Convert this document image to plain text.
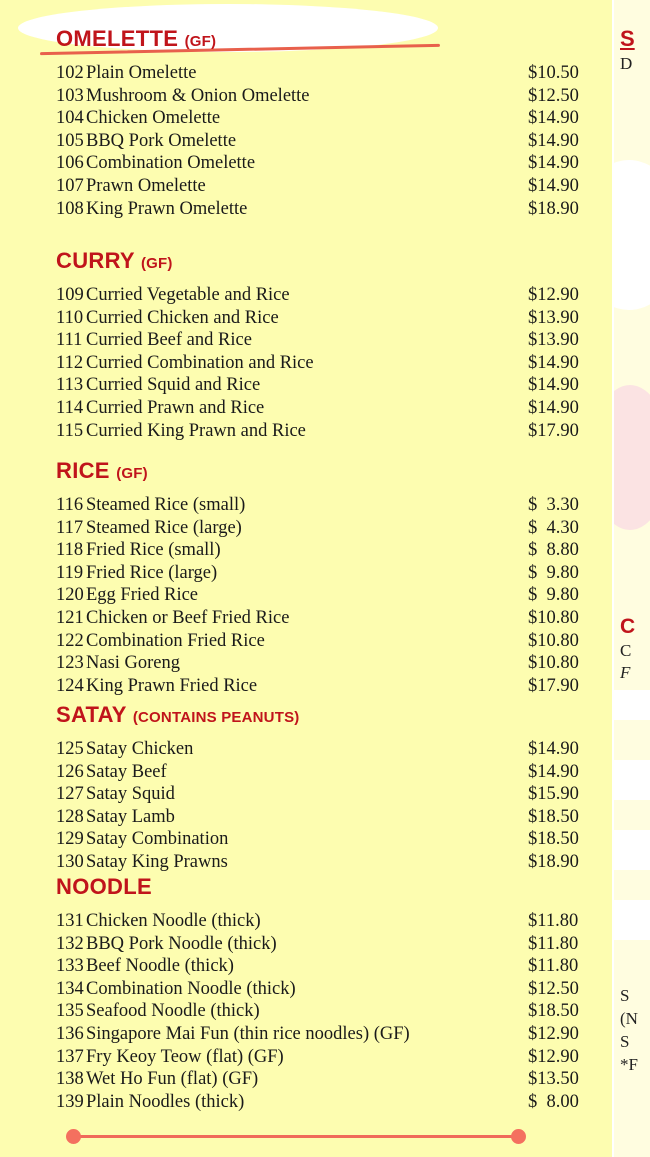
OMELETTE (GF)
102 Plain Omelette	$10.50
103 Mushroom & Onion Omelette	$12.50
104 Chicken Omelette	$14.90
105 BBQ Pork Omelette	$14.90
106 Combination Omelette	$14.90
107 Prawn Omelette	$14.90
108 King Prawn Omelette	$18.90
CURRY (GF)
109 Curried Vegetable and Rice	$12.90
110 Curried Chicken and Rice	$13.90
111 Curried Beef and Rice	$13.90
112 Curried Combination and Rice	$14.90
113 Curried Squid and Rice	$14.90
114 Curried Prawn and Rice	$14.90
115 Curried King Prawn and Rice	$17.90
RICE (GF)
116 Steamed Rice (small)	$  3.30
117 Steamed Rice (large)	$  4.30
118 Fried Rice (small)	$  8.80
119 Fried Rice (large)	$  9.80
120 Egg Fried Rice	$  9.80
121 Chicken or Beef Fried Rice	$10.80
122 Combination Fried Rice	$10.80
123 Nasi Goreng	$10.80
124 King Prawn Fried Rice	$17.90
SATAY (CONTAINS PEANUTS)
125 Satay Chicken	$14.90
126 Satay Beef	$14.90
127 Satay Squid	$15.90
128 Satay Lamb	$18.50
129 Satay Combination	$18.50
130 Satay King Prawns	$18.90
NOODLE
131 Chicken Noodle (thick)	$11.80
132 BBQ Pork Noodle (thick)	$11.80
133 Beef Noodle (thick)	$11.80
134 Combination Noodle (thick)	$12.50
135 Seafood Noodle (thick)	$18.50
136 Singapore Mai Fun (thin rice noodles) (GF)	$12.90
137 Fry Keoy Teow (flat) (GF)	$12.90
138 Wet Ho Fun (flat) (GF)	$13.50
139 Plain Noodles (thick)	$  8.00
S
D
C
C
F
S
(N
S
*F
